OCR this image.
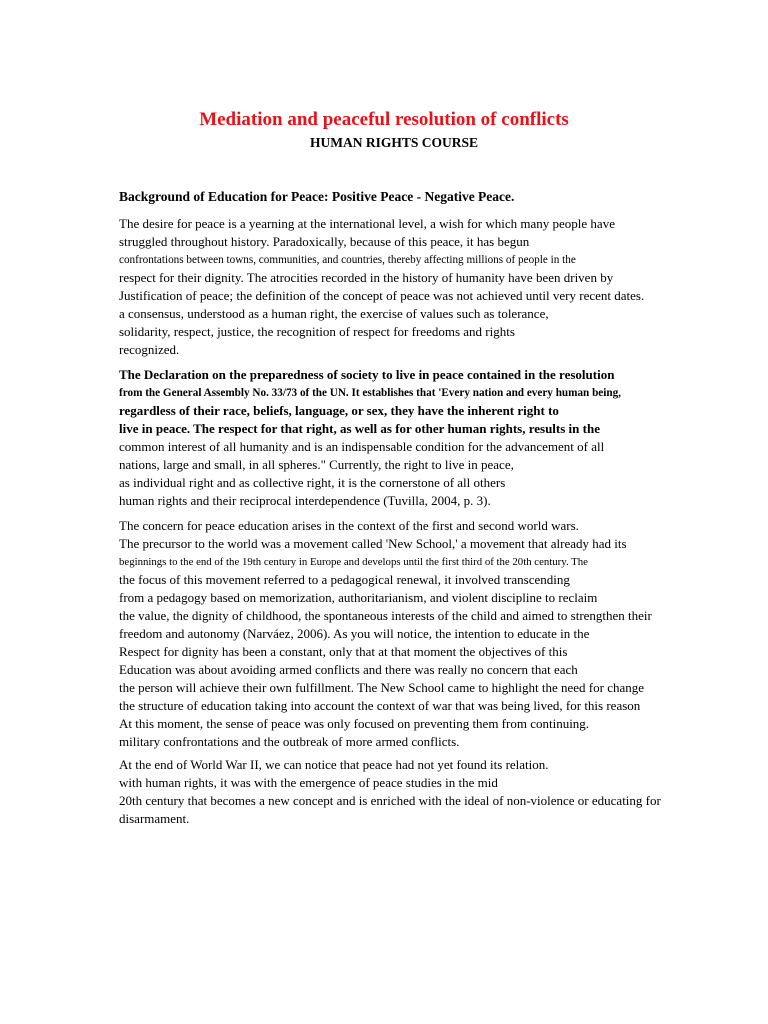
Mediation and peaceful resolution of conflicts
HUMAN RIGHTS COURSE
Background of Education for Peace: Positive Peace - Negative Peace.
The desire for peace is a yearning at the international level, a wish for which many people have
struggled throughout history. Paradoxically, because of this peace, it has begun
confrontations between towns, communities, and countries, thereby affecting millions of people in the
respect for their dignity. The atrocities recorded in the history of humanity have been driven by
Justification of peace; the definition of the concept of peace was not achieved until very recent dates.
a consensus, understood as a human right, the exercise of values such as tolerance,
solidarity, respect, justice, the recognition of respect for freedoms and rights
recognized.
The Declaration on the preparedness of society to live in peace contained in the resolution
from the General Assembly No. 33/73 of the UN. It establishes that 'Every nation and every human being,
regardless of their race, beliefs, language, or sex, they have the inherent right to
live in peace. The respect for that right, as well as for other human rights, results in the
common interest of all humanity and is an indispensable condition for the advancement of all
nations, large and small, in all spheres." Currently, the right to live in peace,
as individual right and as collective right, it is the cornerstone of all others
human rights and their reciprocal interdependence (Tuvilla, 2004, p. 3).
The concern for peace education arises in the context of the first and second world wars.
The precursor to the world was a movement called 'New School,' a movement that already had its
beginnings to the end of the 19th century in Europe and develops until the first third of the 20th century. The
the focus of this movement referred to a pedagogical renewal, it involved transcending
from a pedagogy based on memorization, authoritarianism, and violent discipline to reclaim
the value, the dignity of childhood, the spontaneous interests of the child and aimed to strengthen their
freedom and autonomy (Narváez, 2006). As you will notice, the intention to educate in the
Respect for dignity has been a constant, only that at that moment the objectives of this
Education was about avoiding armed conflicts and there was really no concern that each
the person will achieve their own fulfillment. The New School came to highlight the need for change
the structure of education taking into account the context of war that was being lived, for this reason
At this moment, the sense of peace was only focused on preventing them from continuing.
military confrontations and the outbreak of more armed conflicts.
At the end of World War II, we can notice that peace had not yet found its relation.
with human rights, it was with the emergence of peace studies in the mid
20th century that becomes a new concept and is enriched with the ideal of non-violence or educating for
disarmament.
